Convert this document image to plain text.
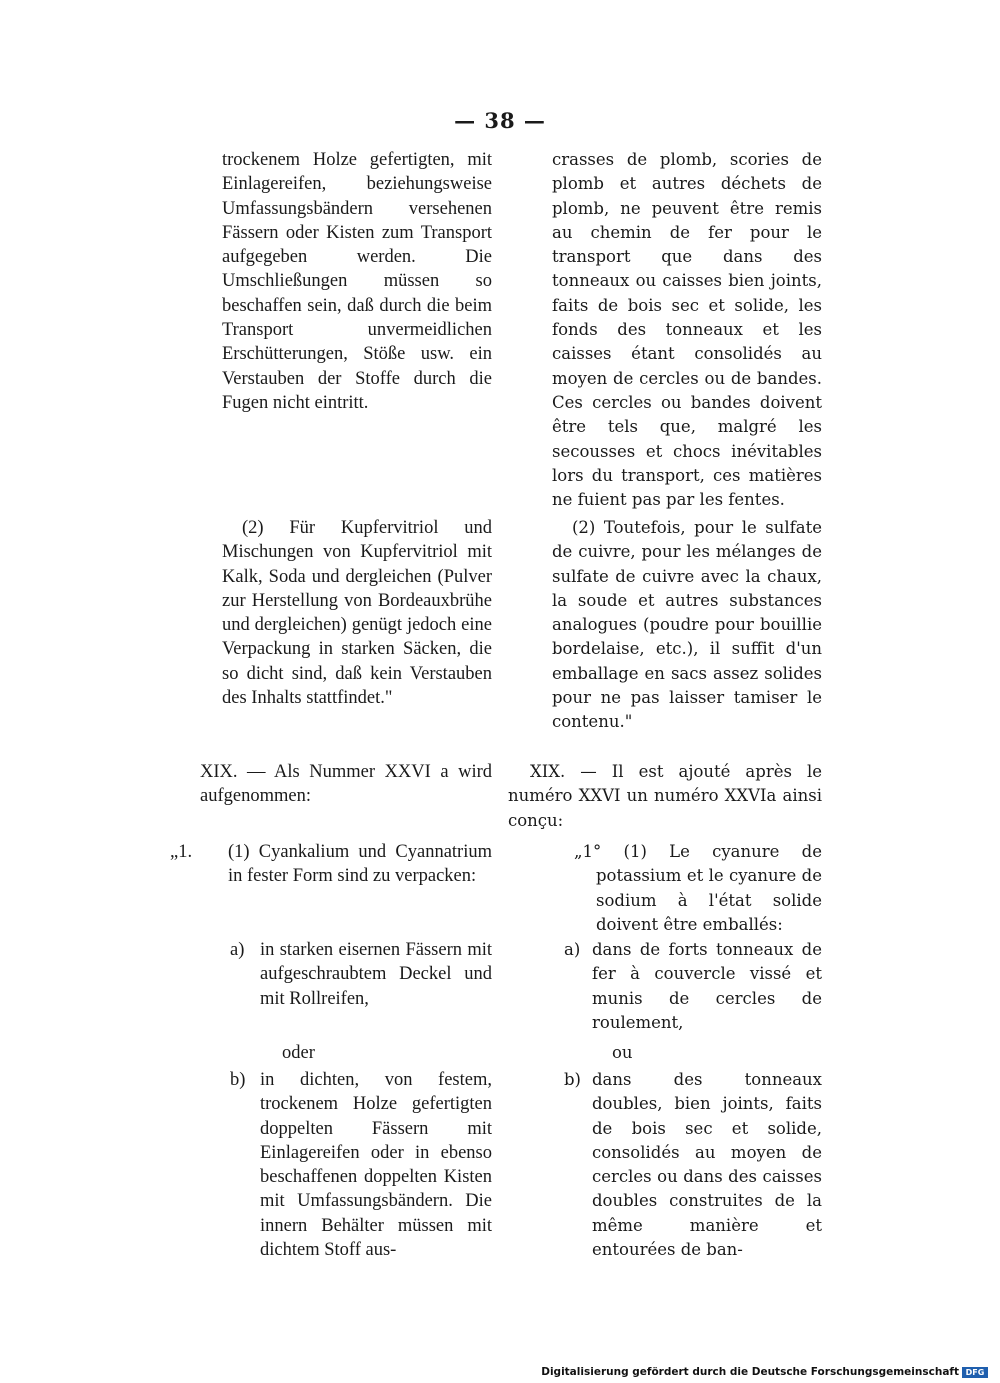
— 38 —

trockenem Holze gefertigten, mit Einlagereifen, beziehungsweise Umfassungsbändern versehenen Fässern oder Kisten zum Transport aufgegeben werden. Die Umschließungen müssen so beschaffen sein, daß durch die beim Transport unvermeidlichen Erschütterungen, Stöße usw. ein Verstauben der Stoffe durch die Fugen nicht eintritt.

(2) Für Kupfervitriol und Mischungen von Kupfervitriol mit Kalk, Soda und dergleichen (Pulver zur Herstellung von Bordeauxbrühe und dergleichen) genügt jedoch eine Verpackung in starken Säcken, die so dicht sind, daß kein Verstauben des Inhalts stattfindet."

XIX. — Als Nummer XXVI a wird aufgenommen:

„1. (1) Cyankalium und Cyannatrium in fester Form sind zu verpacken:
a) in starken eisernen Fässern mit aufgeschraubtem Deckel und mit Rollreifen,
oder
b) in dichten, von festem, trockenem Holze gefertigten doppelten Fässern mit Einlagereifen oder in ebenso beschaffenen doppelten Kisten mit Umfassungsbändern. Die innern Behälter müssen mit dichtem Stoff aus-

crasses de plomb, scories de plomb et autres déchets de plomb, ne peuvent être remis au chemin de fer pour le transport que dans des tonneaux ou caisses bien joints, faits de bois sec et solide, les fonds des tonneaux et les caisses étant consolidés au moyen de cercles ou de bandes. Ces cercles ou bandes doivent être tels que, malgré les secousses et chocs inévitables lors du transport, ces matières ne fuient pas par les fentes.

(2) Toutefois, pour le sulfate de cuivre, pour les mélanges de sulfate de cuivre avec la chaux, la soude et autres substances analogues (poudre pour bouillie bordelaise, etc.), il suffit d'un emballage en sacs assez solides pour ne pas laisser tamiser le contenu."

XIX. — Il est ajouté après le numéro XXVI un numéro XXVIa ainsi conçu:

„1° (1) Le cyanure de potassium et le cyanure de sodium à l'état solide doivent être emballés:

a) dans de forts tonneaux de fer à couvercle vissé et munis de cercles de roulement,
ou
b) dans des tonneaux doubles, bien joints, faits de bois sec et solide, consolidés au moyen de cercles ou dans des caisses doubles construites de la même manière et entourées de ban-
Digitalisierung gefördert durch die Deutsche Forschungsgemeinschaft DFG
